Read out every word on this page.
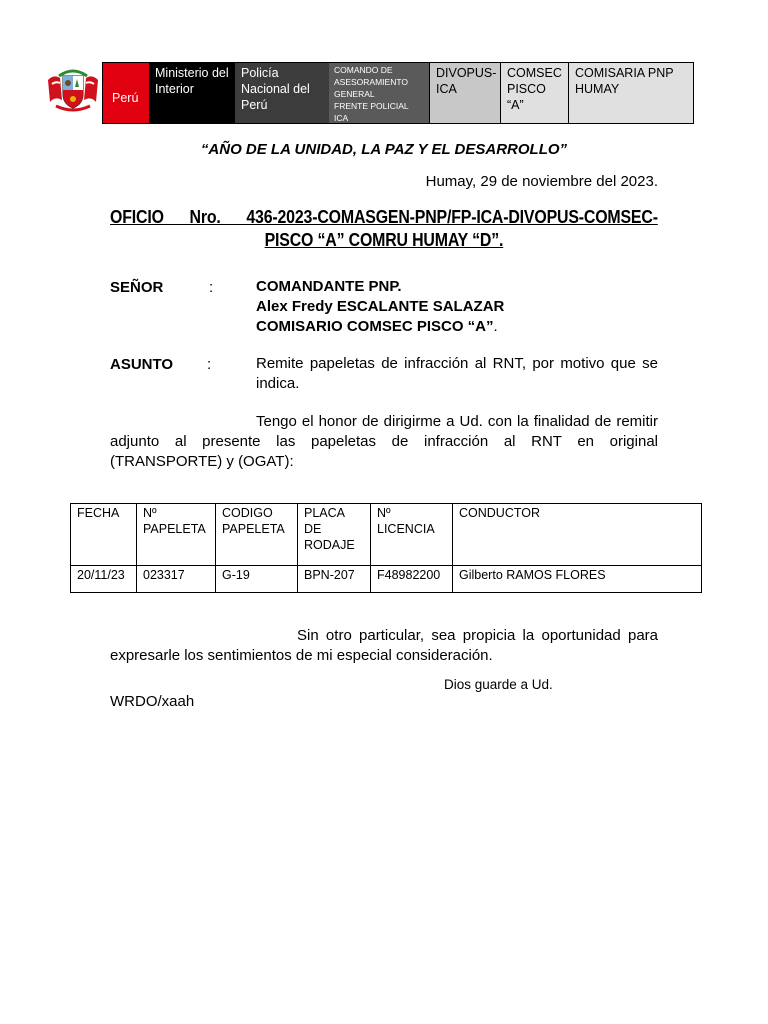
Perú
Ministerio del Interior
Policía Nacional del Perú
COMANDO DE ASESORAMIENTO GENERAL
FRENTE POLICIAL ICA
DIVOPUS-ICA
COMSEC PISCO “A”
COMISARIA PNP HUMAY
“AÑO DE LA UNIDAD, LA PAZ Y EL DESARROLLO”
Humay, 29 de noviembre del 2023.
OFICIO Nro. 436-2023-COMASGEN-PNP/FP-ICA-DIVOPUS-COMSEC-
PISCO “A” COMRU HUMAY “D”.
SEÑOR	:	COMANDANTE PNP.
Alex Fredy ESCALANTE SALAZAR
COMISARIO COMSEC PISCO “A”.
ASUNTO :	Remite papeletas de infracción al RNT, por motivo que se indica.
Tengo el honor de dirigirme a Ud. con la finalidad de remitir adjunto al presente las papeletas de infracción al RNT en original (TRANSPORTE) y (OGAT):
FECHA	Nº PAPELETA	CODIGO PAPELETA	PLACA DE RODAJE	Nº LICENCIA	CONDUCTOR
20/11/23	023317	G-19	BPN-207	F48982200	Gilberto RAMOS FLORES
Sin otro particular, sea propicia la oportunidad para expresarle los sentimientos de mi especial consideración.
Dios guarde a Ud.
WRDO/xaah
